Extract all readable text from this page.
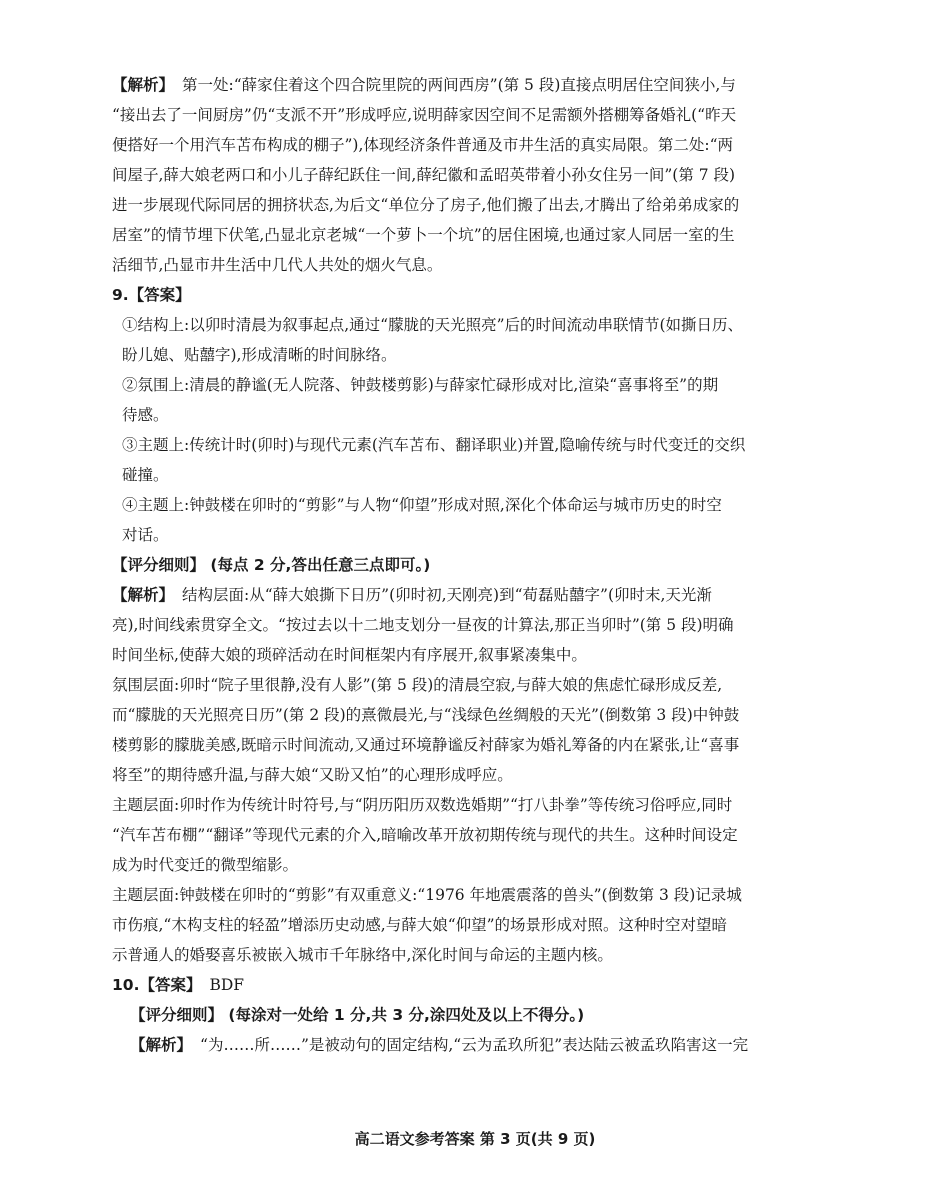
【解析】 第一处:“薛家住着这个四合院里院的两间西房”(第 5 段)直接点明居住空间狭小,与
“接出去了一间厨房”仍“支派不开”形成呼应,说明薛家因空间不足需额外搭棚筹备婚礼(“昨天
便搭好一个用汽车苫布构成的棚子”),体现经济条件普通及市井生活的真实局限。第二处:“两
间屋子,薛大娘老两口和小儿子薛纪跃住一间,薛纪徽和孟昭英带着小孙女住另一间”(第 7 段)
进一步展现代际同居的拥挤状态,为后文“单位分了房子,他们搬了出去,才腾出了给弟弟成家的
居室”的情节埋下伏笔,凸显北京老城“一个萝卜一个坑”的居住困境,也通过家人同居一室的生
活细节,凸显市井生活中几代人共处的烟火气息。
9.【答案】
①结构上:以卯时清晨为叙事起点,通过“朦胧的天光照亮”后的时间流动串联情节(如撕日历、
盼儿媳、贴囍字),形成清晰的时间脉络。
②氛围上:清晨的静谧(无人院落、钟鼓楼剪影)与薛家忙碌形成对比,渲染“喜事将至”的期
待感。
③主题上:传统计时(卯时)与现代元素(汽车苫布、翻译职业)并置,隐喻传统与时代变迁的交织
碰撞。
④主题上:钟鼓楼在卯时的“剪影”与人物“仰望”形成对照,深化个体命运与城市历史的时空
对话。
【评分细则】 (每点 2 分,答出任意三点即可。)
【解析】 结构层面:从“薛大娘撕下日历”(卯时初,天刚亮)到“荀磊贴囍字”(卯时末,天光渐
亮),时间线索贯穿全文。“按过去以十二地支划分一昼夜的计算法,那正当卯时”(第 5 段)明确
时间坐标,使薛大娘的琐碎活动在时间框架内有序展开,叙事紧凑集中。
氛围层面:卯时“院子里很静,没有人影”(第 5 段)的清晨空寂,与薛大娘的焦虑忙碌形成反差,
而“朦胧的天光照亮日历”(第 2 段)的熹微晨光,与“浅绿色丝绸般的天光”(倒数第 3 段)中钟鼓
楼剪影的朦胧美感,既暗示时间流动,又通过环境静谧反衬薛家为婚礼筹备的内在紧张,让“喜事
将至”的期待感升温,与薛大娘“又盼又怕”的心理形成呼应。
主题层面:卯时作为传统计时符号,与“阴历阳历双数选婚期”“打八卦拳”等传统习俗呼应,同时
“汽车苫布棚”“翻译”等现代元素的介入,暗喻改革开放初期传统与现代的共生。这种时间设定
成为时代变迁的微型缩影。
主题层面:钟鼓楼在卯时的“剪影”有双重意义:“1976 年地震震落的兽头”(倒数第 3 段)记录城
市伤痕,“木构支柱的轻盈”增添历史动感,与薛大娘“仰望”的场景形成对照。这种时空对望暗
示普通人的婚娶喜乐被嵌入城市千年脉络中,深化时间与命运的主题内核。
10.【答案】 BDF
【评分细则】 (每涂对一处给 1 分,共 3 分,涂四处及以上不得分。)
【解析】 “为……所……”是被动句的固定结构,“云为孟玖所犯”表达陆云被孟玖陷害这一完
高二语文参考答案 第 3 页(共 9 页)
